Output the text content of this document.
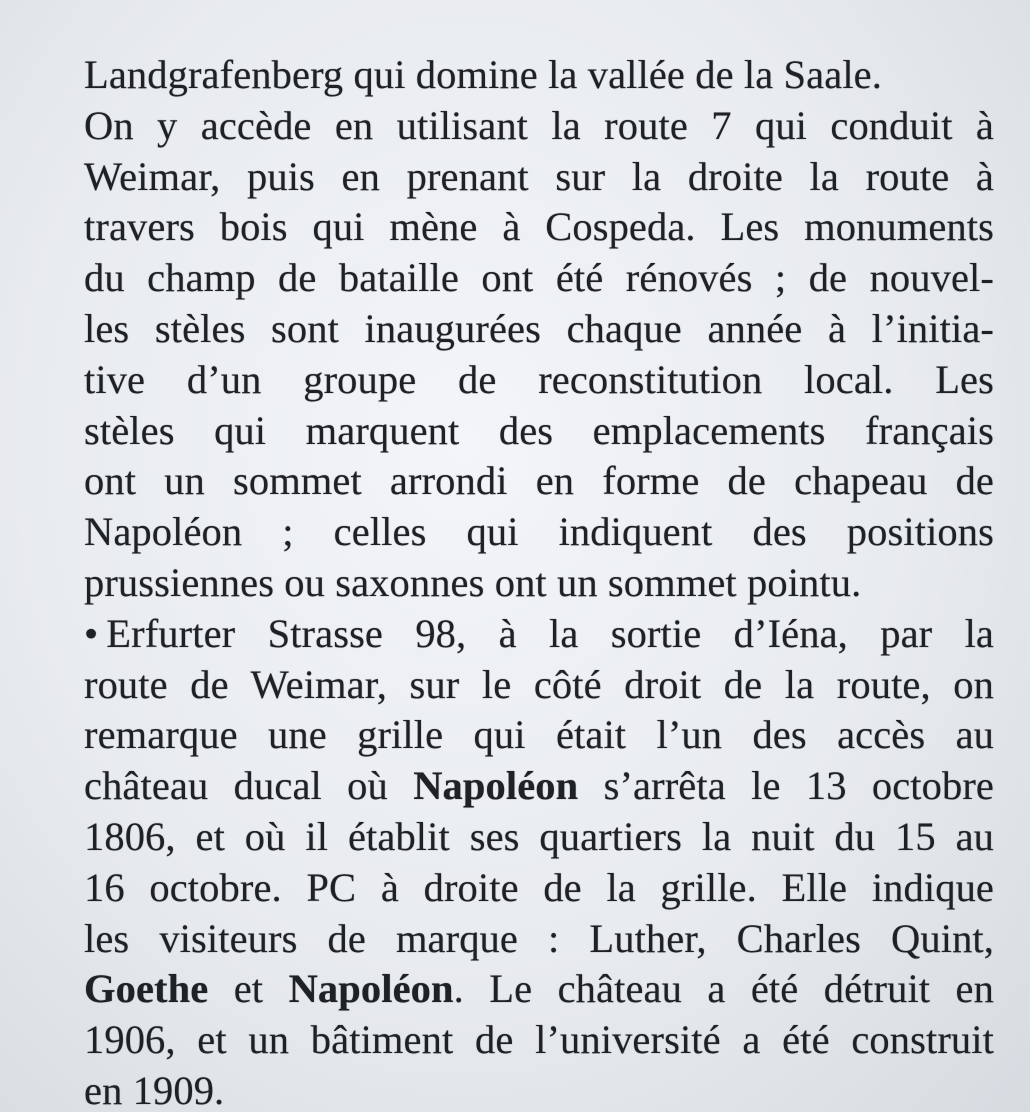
Landgrafenberg qui domine la vallée de la Saale.
On y accède en utilisant la route 7 qui conduit à
Weimar, puis en prenant sur la droite la route à
travers bois qui mène à Cospeda. Les monuments
du champ de bataille ont été rénovés ; de nouvel-
les stèles sont inaugurées chaque année à l’initia-
tive d’un groupe de reconstitution local. Les
stèles qui marquent des emplacements français
ont un sommet arrondi en forme de chapeau de
Napoléon ; celles qui indiquent des positions
prussiennes ou saxonnes ont un sommet pointu.
• Erfurter Strasse 98, à la sortie d’Iéna, par la
route de Weimar, sur le côté droit de la route, on
remarque une grille qui était l’un des accès au
château ducal où Napoléon s’arrêta le 13 octobre
1806, et où il établit ses quartiers la nuit du 15 au
16 octobre. PC à droite de la grille. Elle indique
les visiteurs de marque : Luther, Charles Quint,
Goethe et Napoléon. Le château a été détruit en
1906, et un bâtiment de l’université a été construit
en 1909.
